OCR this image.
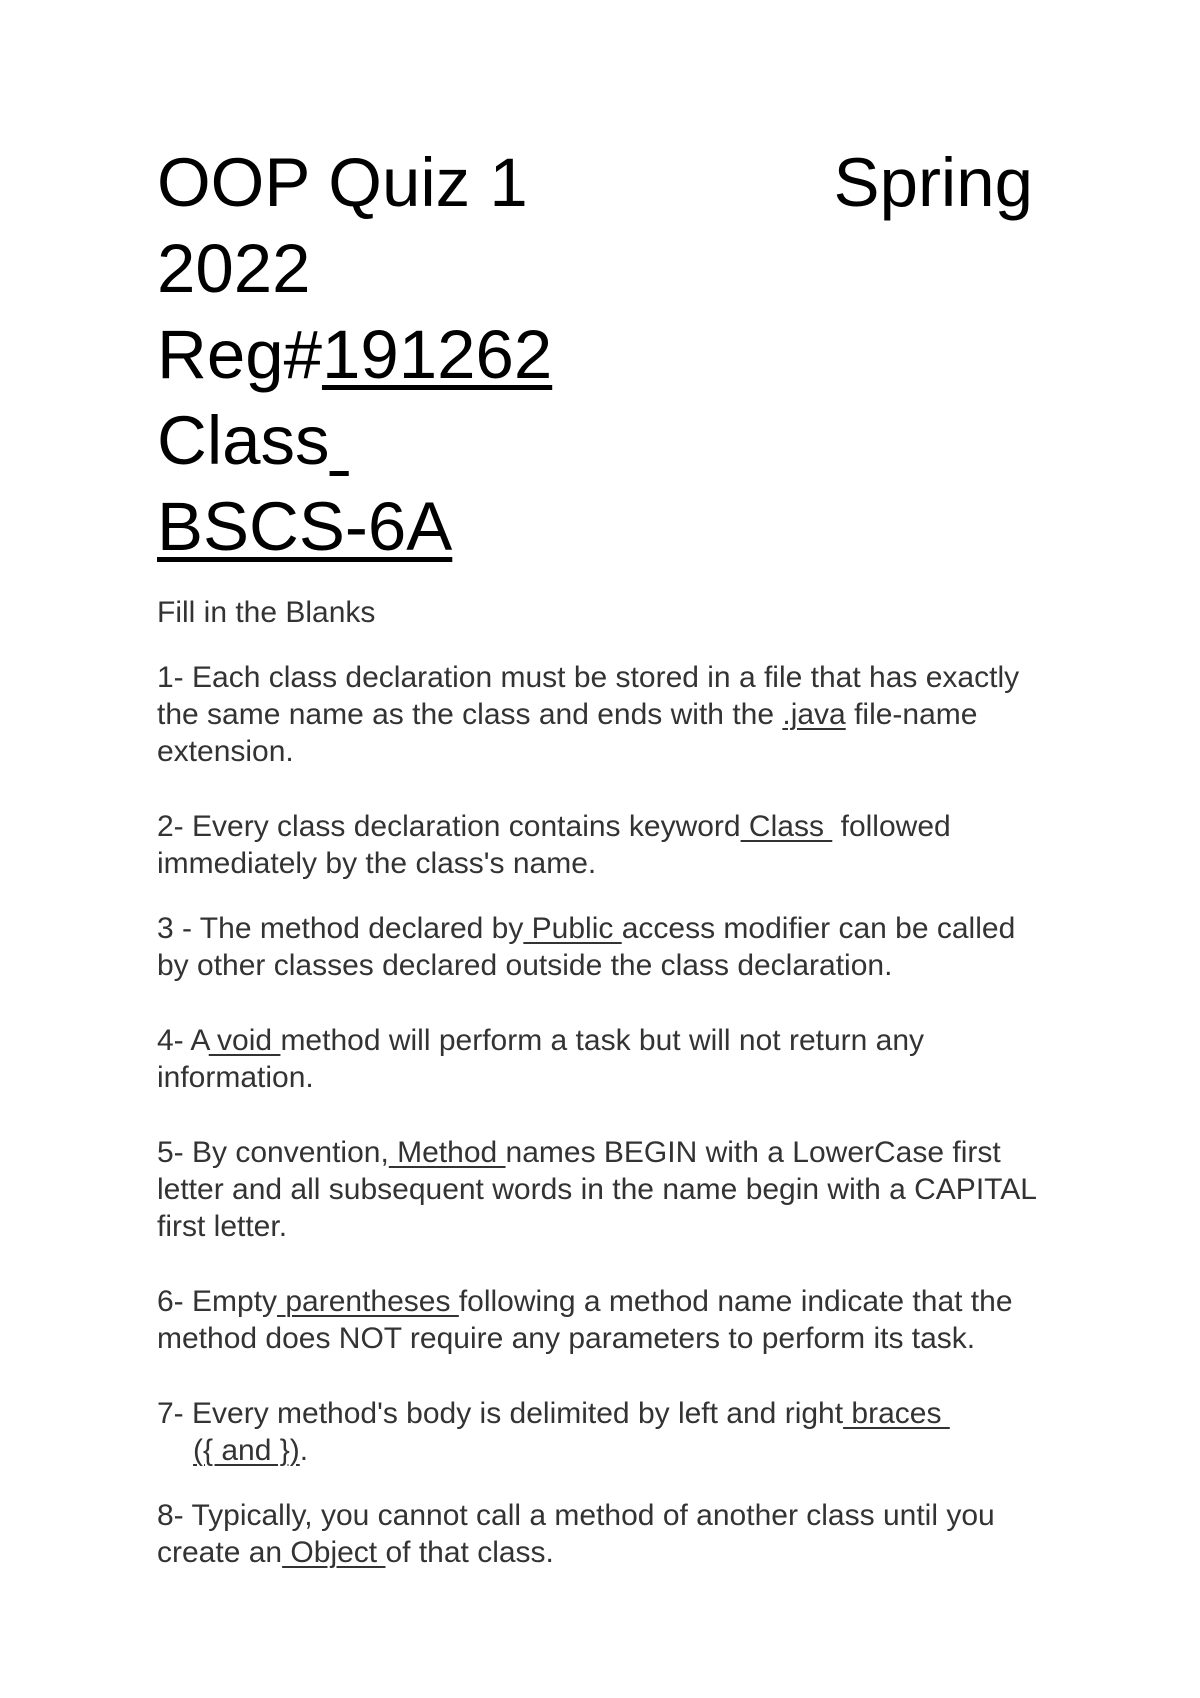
OOP Quiz 1	Spring
2022
Reg#191262
Class
BSCS-6A
Fill in the Blanks
1- Each class declaration must be stored in a file that has exactly the same name as the class and ends with the .java file-name extension.
2- Every class declaration contains keyword Class  followed immediately by the class's name.
3 - The method declared by Public access modifier can be called by other classes declared outside the class declaration.
4- A void method will perform a task but will not return any information.
5- By convention, Method names BEGIN with a LowerCase first letter and all subsequent words in the name begin with a CAPITAL first letter.
6- Empty parentheses following a method name indicate that the method does NOT require any parameters to perform its task.
7- Every method's body is delimited by left and right braces
({ and }).
8- Typically, you cannot call a method of another class until you create an Object of that class.
